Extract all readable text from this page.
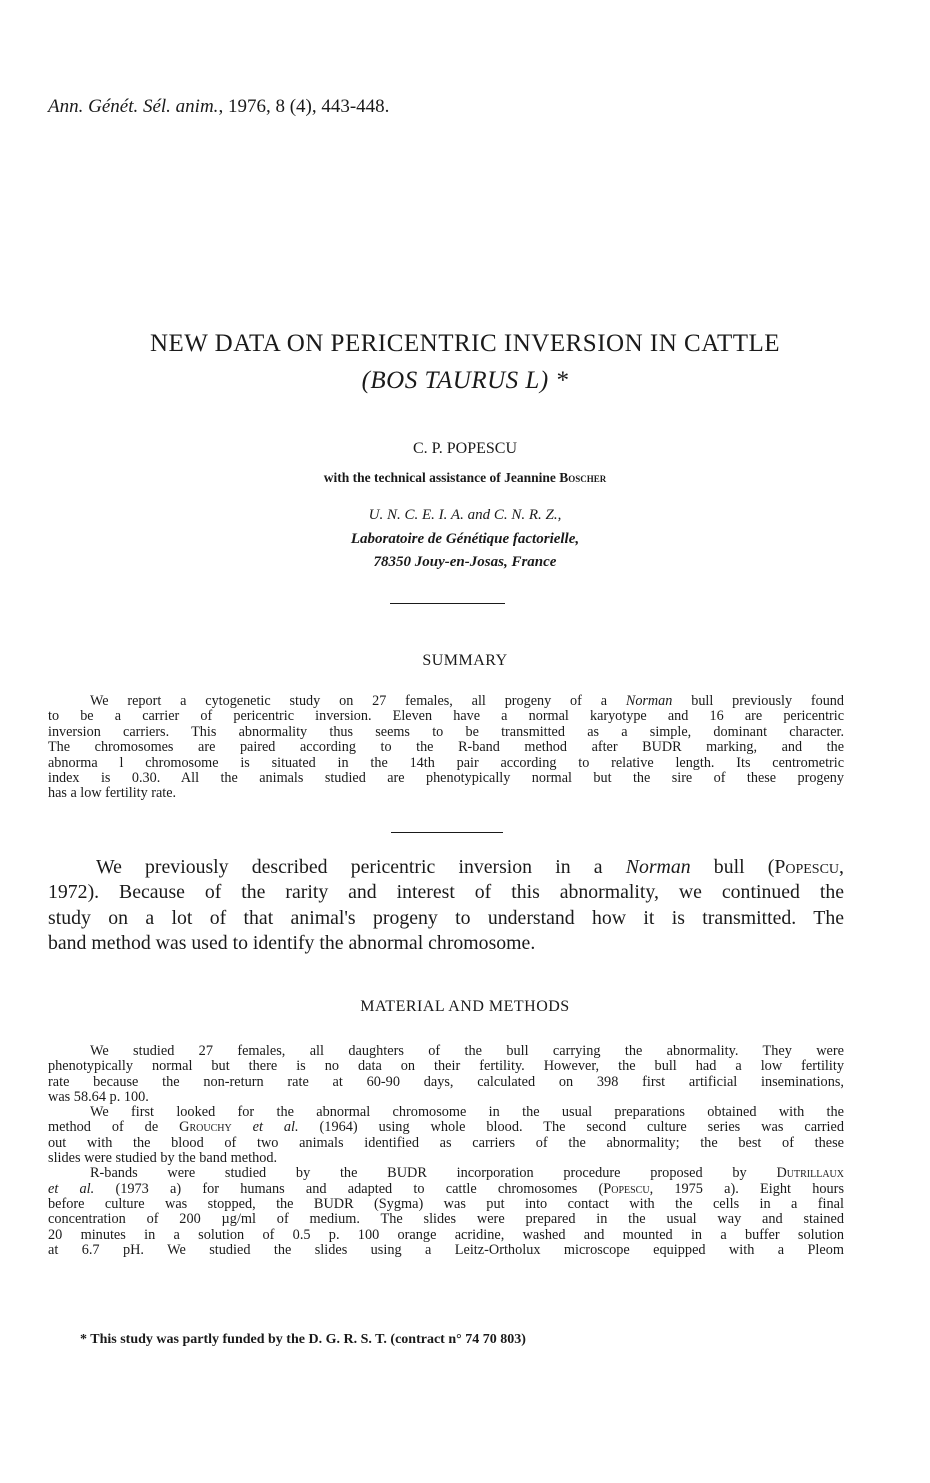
Ann. Génét. Sél. anim., 1976, 8 (4), 443-448.
NEW DATA ON PERICENTRIC INVERSION IN CATTLE
(BOS TAURUS L) *
C. P. POPESCU
with the technical assistance of Jeannine Boscher
U. N. C. E. I. A. and C. N. R. Z.,
Laboratoire de Génétique factorielle,
78350 Jouy-en-Josas, France
SUMMARY
We report a cytogenetic study on 27 females, all progeny of a Norman bull previously found
to be a carrier of pericentric inversion. Eleven have a normal karyotype and 16 are pericentric
inversion carriers. This abnormality thus seems to be transmitted as a simple, dominant character.
The chromosomes are paired according to the R-band method after BUDR marking, and the
abnorma l chromosome is situated in the 14th pair according to relative length. Its centrometric
index is 0.30. All the animals studied are phenotypically normal but the sire of these progeny
has a low fertility rate.
We previously described pericentric inversion in a Norman bull (Popescu,
1972). Because of the rarity and interest of this abnormality, we continued the
study on a lot of that animal's progeny to understand how it is transmitted. The
band method was used to identify the abnormal chromosome.
MATERIAL AND METHODS
We studied 27 females, all daughters of the bull carrying the abnormality. They were
phenotypically normal but there is no data on their fertility. However, the bull had a low fertility
rate because the non-return rate at 60-90 days, calculated on 398 first artificial inseminations,
was 58.64 p. 100.
We first looked for the abnormal chromosome in the usual preparations obtained with the
method of de Grouchy et al. (1964) using whole blood. The second culture series was carried
out with the blood of two animals identified as carriers of the abnormality; the best of these
slides were studied by the band method.
R-bands were studied by the BUDR incorporation procedure proposed by Dutrillaux
et al. (1973 a) for humans and adapted to cattle chromosomes (Popescu, 1975 a). Eight hours
before culture was stopped, the BUDR (Sygma) was put into contact with the cells in a final
concentration of 200 µg/ml of medium. The slides were prepared in the usual way and stained
20 minutes in a solution of 0.5 p. 100 orange acridine, washed and mounted in a buffer solution
at 6.7 pH. We studied the slides using a Leitz-Ortholux microscope equipped with a Pleom
* This study was partly funded by the D. G. R. S. T. (contract n° 74 70 803)
